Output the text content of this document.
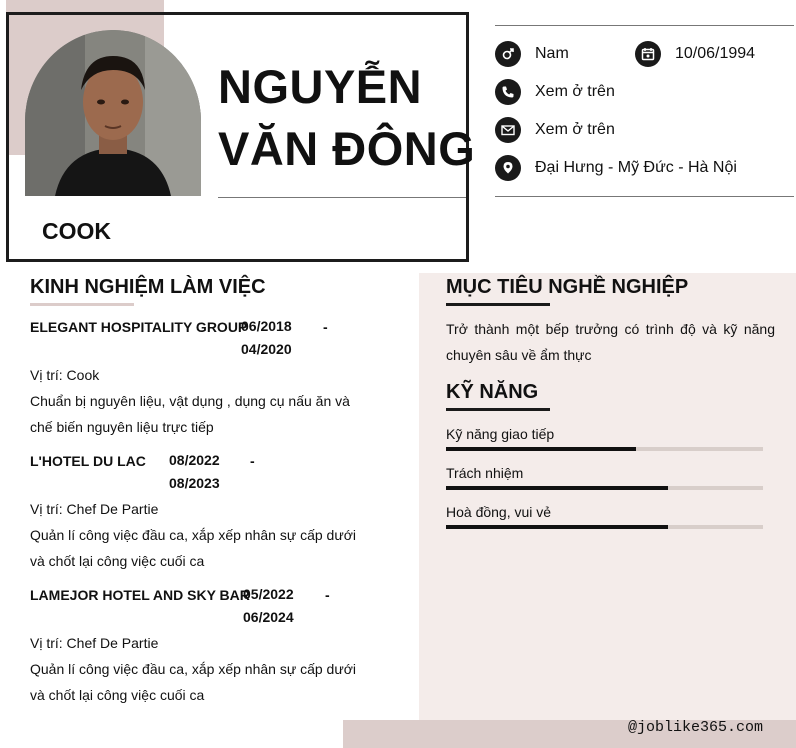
NGUYỄN
VĂN ĐÔNG
COOK
Nam	10/06/1994
Xem ở trên
Xem ở trên
Đại Hưng - Mỹ Đức - Hà Nội
KINH NGHIỆM LÀM VIỆC
ELEGANT HOSPITALITY GROUP
06/2018 -
04/2020
Vị trí: Cook
Chuẩn bị nguyên liệu, vật dụng , dụng cụ nấu ăn và
chế biến nguyên liệu trực tiếp
L'HOTEL DU LAC 08/2022 -
08/2023
Vị trí: Chef De Partie
Quản lí công việc đầu ca, xắp xếp nhân sự cấp dưới
và chốt lại công việc cuối ca
LAMEJOR HOTEL AND SKY BAR
05/2022 -
06/2024
Vị trí: Chef De Partie
Quản lí công việc đầu ca, xắp xếp nhân sự cấp dưới
và chốt lại công việc cuối ca
MỤC TIÊU NGHỀ NGHIỆP
Trở thành một bếp trưởng có trình độ và kỹ năng chuyên sâu về ẩm thực
KỸ NĂNG
Kỹ năng giao tiếp
Trách nhiệm
Hoà đồng, vui vẻ
@joblike365.com
